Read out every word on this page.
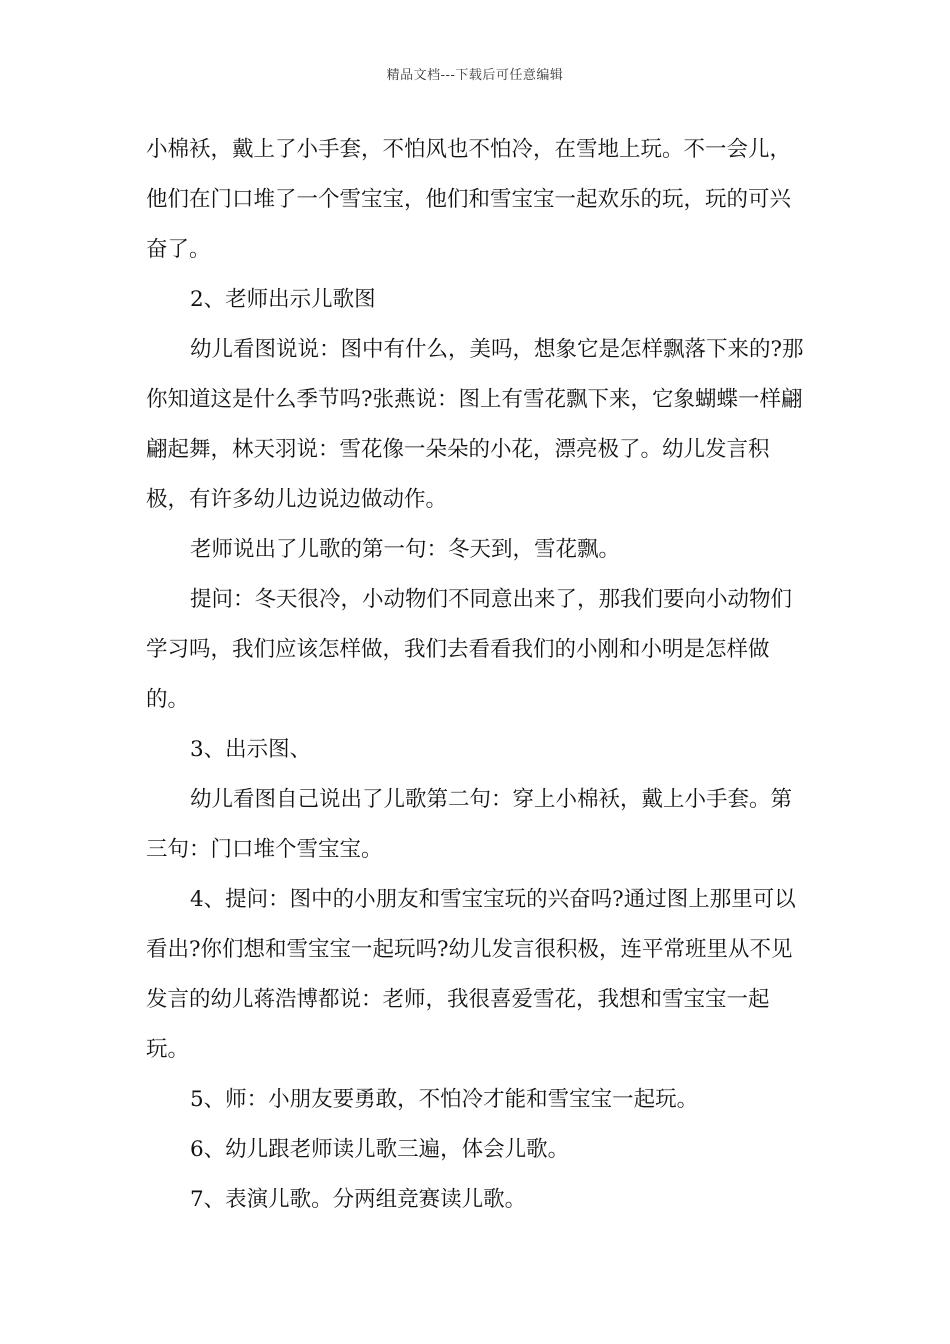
精品文档---下载后可任意编辑

小棉袄，戴上了小手套，不怕风也不怕冷，在雪地上玩。不一会儿，他们在门口堆了一个雪宝宝，他们和雪宝宝一起欢乐的玩，玩的可兴奋了。

2、老师出示儿歌图

幼儿看图说说：图中有什么，美吗，想象它是怎样飘落下来的?那你知道这是什么季节吗?张燕说：图上有雪花飘下来，它象蝴蝶一样翩翩起舞，林天羽说：雪花像一朵朵的小花，漂亮极了。幼儿发言积极，有许多幼儿边说边做动作。

老师说出了儿歌的第一句：冬天到，雪花飘。

提问：冬天很冷，小动物们不同意出来了，那我们要向小动物们学习吗，我们应该怎样做，我们去看看我们的小刚和小明是怎样做的。

3、出示图、

幼儿看图自己说出了儿歌第二句：穿上小棉袄，戴上小手套。第三句：门口堆个雪宝宝。

4、提问：图中的小朋友和雪宝宝玩的兴奋吗?通过图上那里可以看出?你们想和雪宝宝一起玩吗?幼儿发言很积极，连平常班里从不见发言的幼儿蒋浩博都说：老师，我很喜爱雪花，我想和雪宝宝一起玩。

5、师：小朋友要勇敢，不怕冷才能和雪宝宝一起玩。

6、幼儿跟老师读儿歌三遍，体会儿歌。

7、表演儿歌。分两组竞赛读儿歌。
